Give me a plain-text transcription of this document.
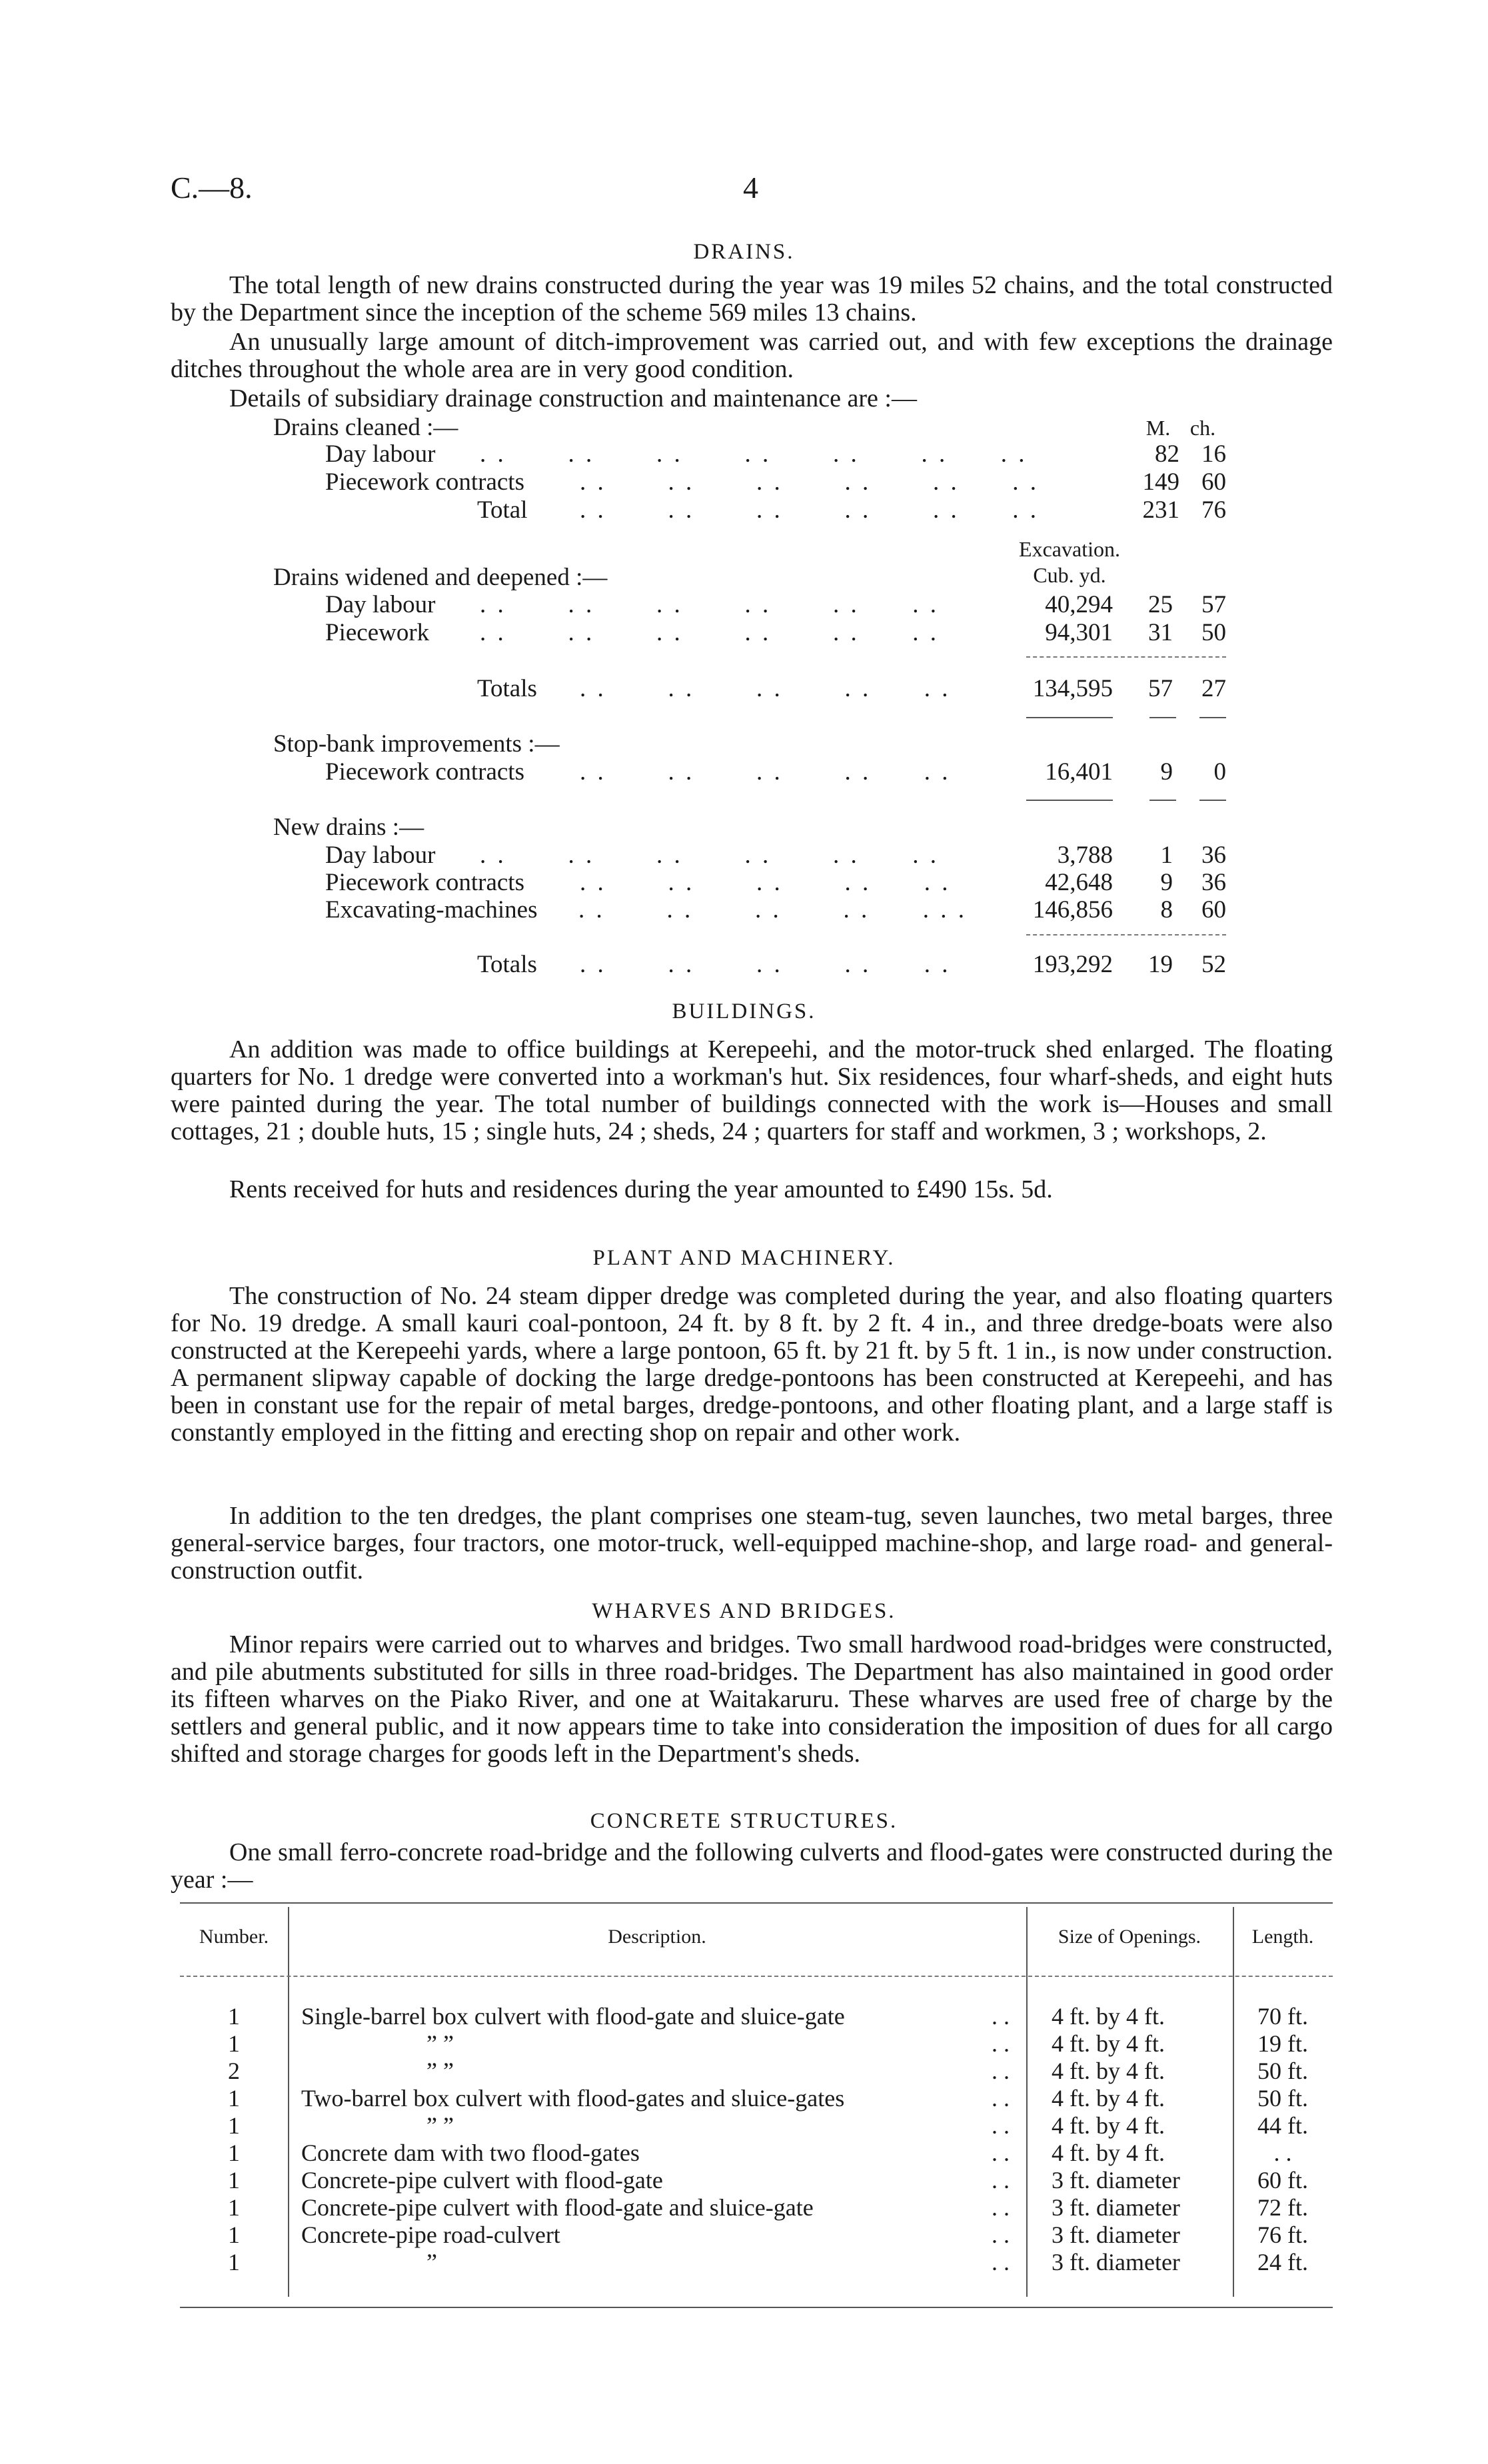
C.—8.	4
DRAINS.

The total length of new drains constructed during the year was 19 miles 52 chains, and the total constructed by the Department since the inception of the scheme 569 miles 13 chains.

An unusually large amount of ditch-improvement was carried out, and with few exceptions the drainage ditches throughout the whole area are in very good condition.

Details of subsidiary drainage construction and maintenance are :—

Drains cleaned :—	M. ch.
Day labour . .       . .       . .       . .       . .       . .      . .	82 16
Piecework contracts . .       . .       . .       . .       . .      . .	149 60
Total . .       . .       . .       . .       . .      . .	231 76
Excavation.
Cub. yd.
Drains widened and deepened :—
Day labour . .       . .       . .       . .       . .      . .	40,294	25	57
Piecework . .       . .       . .       . .       . .      . .	94,301	31	50
Totals . .       . .       . .       . .      . .	134,595	57	27
Stop-bank improvements :—
Piecework contracts . .       . .       . .       . .      . .	16,401	9	0
New drains :—
Day labour . .       . .       . .       . .       . .      . .	3,788	1	36
Piecework contracts . .       . .       . .       . .      . .	42,648	9	36
Excavating-machines . .       . .       . .       . .      . . .	146,856	8	60
Totals . .       . .       . .       . .      . .	193,292	19	52
BUILDINGS.

An addition was made to office buildings at Kerepeehi, and the motor-truck shed enlarged. The floating quarters for No. 1 dredge were converted into a workman's hut. Six residences, four wharf-sheds, and eight huts were painted during the year. The total number of buildings connected with the work is—Houses and small cottages, 21 ; double huts, 15 ; single huts, 24 ; sheds, 24 ; quarters for staff and workmen, 3 ; workshops, 2.

Rents received for huts and residences during the year amounted to £490 15s. 5d.

PLANT AND MACHINERY.

The construction of No. 24 steam dipper dredge was completed during the year, and also floating quarters for No. 19 dredge. A small kauri coal-pontoon, 24 ft. by 8 ft. by 2 ft. 4 in., and three dredge-boats were also constructed at the Kerepeehi yards, where a large pontoon, 65 ft. by 21 ft. by 5 ft. 1 in., is now under construction. A permanent slipway capable of docking the large dredge-pontoons has been constructed at Kerepeehi, and has been in constant use for the repair of metal barges, dredge-pontoons, and other floating plant, and a large staff is constantly employed in the fitting and erecting shop on repair and other work.

In addition to the ten dredges, the plant comprises one steam-tug, seven launches, two metal barges, three general-service barges, four tractors, one motor-truck, well-equipped machine-shop, and large road- and general-construction outfit.

WHARVES AND BRIDGES.

Minor repairs were carried out to wharves and bridges. Two small hardwood road-bridges were constructed, and pile abutments substituted for sills in three road-bridges. The Department has also maintained in good order its fifteen wharves on the Piako River, and one at Waitakaruru. These wharves are used free of charge by the settlers and general public, and it now appears time to take into consideration the imposition of dues for all cargo shifted and storage charges for goods left in the Department's sheds.

CONCRETE STRUCTURES.

One small ferro-concrete road-bridge and the following culverts and flood-gates were constructed during the year :—

Number.	Description.	Size of Openings.	Length.
1	Single-barrel box culvert with flood-gate and sluice-gate	. . 4 ft. by 4 ft.	70 ft.
1	” ”	. . 4 ft. by 4 ft.	19 ft.
2	” ”	. . 4 ft. by 4 ft.	50 ft.
1	Two-barrel box culvert with flood-gates and sluice-gates	. . 4 ft. by 4 ft.	50 ft.
1	” ”	. . 4 ft. by 4 ft.	44 ft.
1	Concrete dam with two flood-gates	. . 4 ft. by 4 ft.	. .
1	Concrete-pipe culvert with flood-gate	. . 3 ft. diameter	60 ft.
1	Concrete-pipe culvert with flood-gate and sluice-gate	. . 3 ft. diameter	72 ft.
1	Concrete-pipe road-culvert	. . 3 ft. diameter	76 ft.
1	”	. . 3 ft. diameter	24 ft.
